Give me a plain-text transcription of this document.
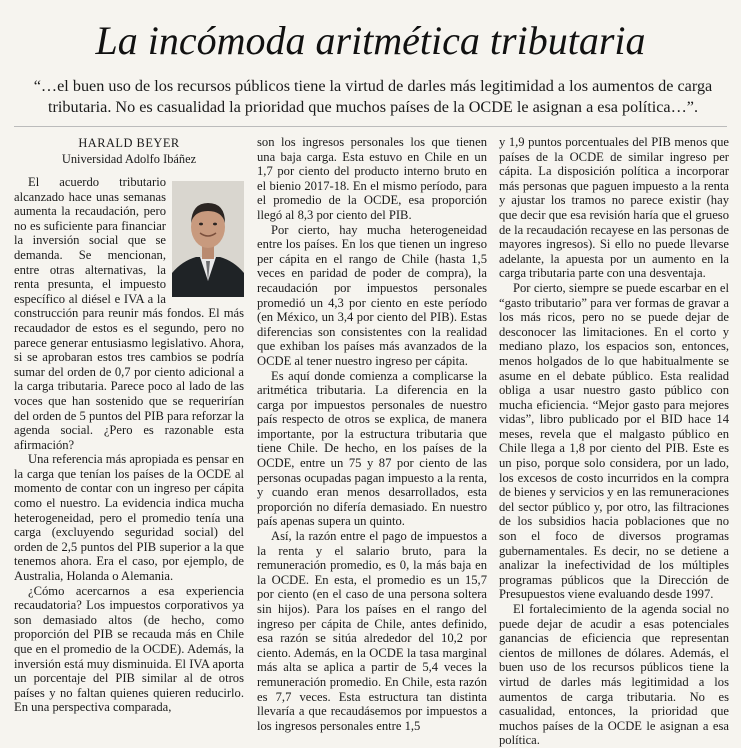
La incómoda aritmética tributaria
“…el buen uso de los recursos públicos tiene la virtud de darles más legitimidad a los aumentos de carga tributaria. No es casualidad la prioridad que muchos países de la OCDE le asignan a esa política…”.
HARALD BEYER
Universidad Adolfo Ibáñez

El acuerdo tributario alcanzado hace unas semanas aumenta la recaudación, pero no es suficiente para financiar la inversión social que se demanda. Se mencionan, entre otras alternativas, la renta presunta, el impuesto específico al diésel e IVA a la construcción para reunir más fondos. El más recaudador de estos es el segundo, pero no parece generar entusiasmo legislativo. Ahora, si se aprobaran estos tres cambios se podría sumar del orden de 0,7 por ciento adicional a la carga tributaria. Parece poco al lado de las voces que han sostenido que se requerirían del orden de 5 puntos del PIB para reforzar la agenda social. ¿Pero es razonable esta afirmación?

Una referencia más apropiada es pensar en la carga que tenían los países de la OCDE al momento de contar con un ingreso per cápita como el nuestro. La evidencia indica mucha heterogeneidad, pero el promedio tenía una carga (excluyendo seguridad social) del orden de 2,5 puntos del PIB superior a la que tenemos ahora. Era el caso, por ejemplo, de Australia, Holanda o Alemania.

¿Cómo acercarnos a esa experiencia recaudatoria? Los impuestos corporativos ya son demasiado altos (de hecho, como proporción del PIB se recauda más en Chile que en el promedio de la OCDE). Además, la inversión está muy disminuida. El IVA aporta un porcentaje del PIB similar al de otros países y no faltan quienes quieren reducirlo. En una perspectiva comparada,

son los ingresos personales los que tienen una baja carga. Esta estuvo en Chile en un 1,7 por ciento del producto interno bruto en el bienio 2017-18. En el mismo período, para el promedio de la OCDE, esa proporción llegó al 8,3 por ciento del PIB.

Por cierto, hay mucha heterogeneidad entre los países. En los que tienen un ingreso per cápita en el rango de Chile (hasta 1,5 veces en paridad de poder de compra), la recaudación por impuestos personales promedió un 4,3 por ciento en este período (en México, un 3,4 por ciento del PIB). Estas diferencias son consistentes con la realidad que exhiban los países más avanzados de la OCDE al tener nuestro ingreso per cápita.

Es aquí donde comienza a complicarse la aritmética tributaria. La diferencia en la carga por impuestos personales de nuestro país respecto de otros se explica, de manera importante, por la estructura tributaria que tiene Chile. De hecho, en los países de la OCDE, entre un 75 y 87 por ciento de las personas ocupadas pagan impuesto a la renta, y cuando eran menos desarrollados, esta proporción no difería demasiado. En nuestro país apenas supera un quinto.

Así, la razón entre el pago de impuestos a la renta y el salario bruto, para la remuneración promedio, es 0, la más baja en la OCDE. En esta, el promedio es un 15,7 por ciento (en el caso de una persona soltera sin hijos). Para los países en el rango del ingreso per cápita de Chile, antes definido, esa razón se sitúa alrededor del 10,2 por ciento. Además, en la OCDE la tasa marginal más alta se aplica a partir de 5,4 veces la remuneración promedio. En Chile, esta razón es 7,7 veces. Esta estructura tan distinta llevaría a que recaudásemos por impuestos a los ingresos personales entre 1,5

y 1,9 puntos porcentuales del PIB menos que países de la OCDE de similar ingreso per cápita. La disposición política a incorporar más personas que paguen impuesto a la renta y ajustar los tramos no parece existir (hay que decir que esa revisión haría que el grueso de la recaudación recayese en las personas de mayores ingresos). Si ello no puede llevarse adelante, la apuesta por un aumento en la carga tributaria parte con una desventaja.

Por cierto, siempre se puede escarbar en el “gasto tributario” para ver formas de gravar a los más ricos, pero no se puede dejar de desconocer las limitaciones. En el corto y mediano plazo, los espacios son, entonces, menos holgados de lo que habitualmente se asume en el debate público. Esta realidad obliga a usar nuestro gasto público con mucha eficiencia. “Mejor gasto para mejores vidas”, libro publicado por el BID hace 14 meses, revela que el malgasto público en Chile llega a 1,8 por ciento del PIB. Este es un piso, porque solo considera, por un lado, los excesos de costo incurridos en la compra de bienes y servicios y en las remuneraciones del sector público y, por otro, las filtraciones de los subsidios hacia poblaciones que no son el foco de diversos programas gubernamentales. Es decir, no se detiene a analizar la inefectividad de los múltiples programas públicos que la Dirección de Presupuestos viene evaluando desde 1997.

El fortalecimiento de la agenda social no puede dejar de acudir a esas potenciales ganancias de eficiencia que representan cientos de millones de dólares. Además, el buen uso de los recursos públicos tiene la virtud de darles más legitimidad a los aumentos de carga tributaria. No es casualidad, entonces, la prioridad que muchos países de la OCDE le asignan a esa política.
